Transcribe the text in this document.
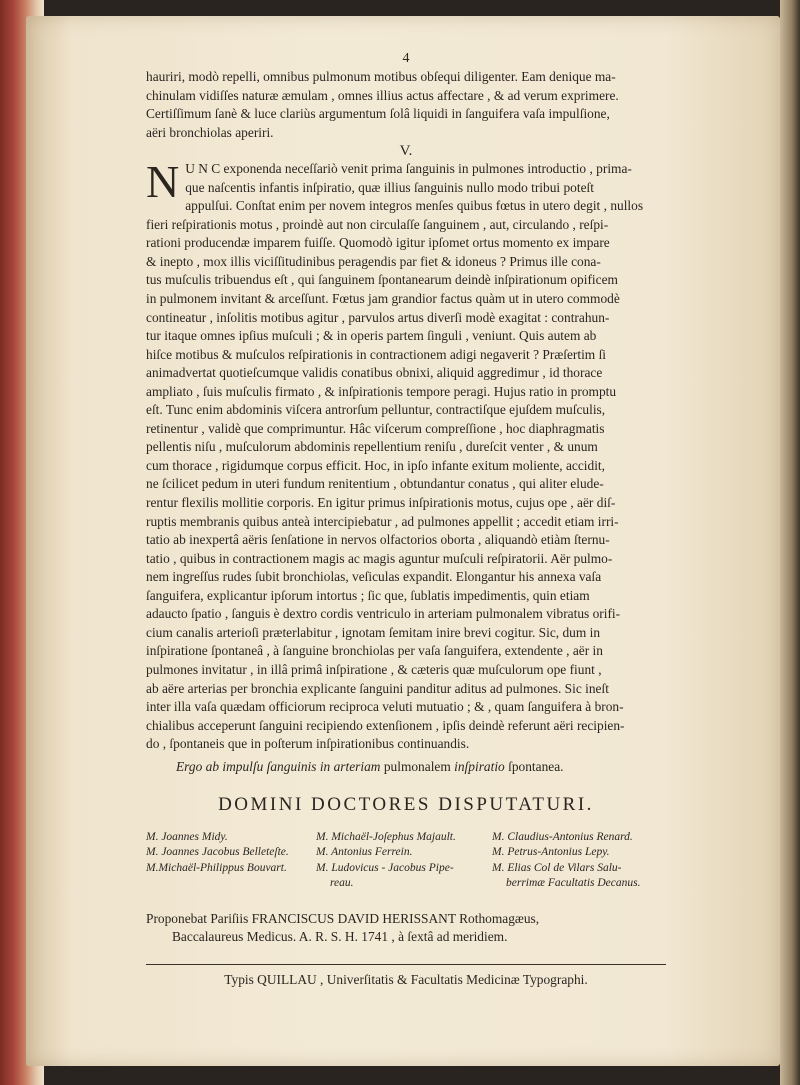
4
hauriri, modò repelli, omnibus pulmonum motibus obſequi diligenter. Eam denique ma-
chinulam vidiſſes naturæ æmulam , omnes illius actus affectare , & ad verum exprimere.
Certiſſimum ſanè & luce clariùs argumentum ſolâ liquidi in ſanguifera vaſa impulſione,
aëri bronchiolas aperiri.
V.
N U N C exponenda neceſſariò venit prima ſanguinis in pulmones introductio , prima-
que naſcentis infantis inſpiratio, quæ illius ſanguinis nullo modo tribui poteſt
appulſui. Conſtat enim per novem integros menſes quibus fœtus in utero degit , nullos
fieri reſpirationis motus , proindè aut non circulaſſe ſanguinem , aut, circulando , reſpi-
rationi producendæ imparem fuiſſe. Quomodò igitur ipſomet ortus momento ex impare
& inepto , mox illis viciſſitudinibus peragendis par fiet & idoneus ? Primus ille cona-
tus muſculis tribuendus eſt , qui ſanguinem ſpontanearum deindè inſpirationum opificem
in pulmonem invitant & arceſſunt. Fœtus jam grandior factus quàm ut in utero commodè
contineatur , inſolitis motibus agitur , parvulos artus diverſi modè exagitat : contrahun-
tur itaque omnes ipſius muſculi ; & in operis partem ſinguli , veniunt. Quis autem ab
hiſce motibus & muſculos reſpirationis in contractionem adigi negaverit ? Præſertim ſi
animadvertat quotieſcumque validis conatibus obnixi, aliquid aggredimur , id thorace
ampliato , ſuis muſculis firmato , & inſpirationis tempore peragi. Hujus ratio in promptu
eſt. Tunc enim abdominis viſcera antrorſum pelluntur, contractiſque ejuſdem muſculis,
retinentur , validè que comprimuntur. Hâc viſcerum compreſſione , hoc diaphragmatis
pellentis niſu , muſculorum abdominis repellentium reniſu , dureſcit venter , & unum
cum thorace , rigidumque corpus efficit. Hoc, in ipſo infante exitum moliente, accidit,
ne ſcilicet pedum in uteri fundum renitentium , obtundantur conatus , qui aliter elude-
rentur flexilis mollitie corporis. En igitur primus inſpirationis motus, cujus ope , aër diſ-
ruptis membranis quibus anteà intercipiebatur , ad pulmones appellit ; accedit etiam irri-
tatio ab inexpertâ aëris ſenſatione in nervos olfactorios oborta , aliquandò etiàm ſternu-
tatio , quibus in contractionem magis ac magis aguntur muſculi reſpiratorii. Aër pulmo-
nem ingreſſus rudes ſubit bronchiolas, veſiculas expandit. Elongantur his annexa vaſa
ſanguifera, explicantur ipſorum intortus ; ſic que, ſublatis impedimentis, quin etiam
adaucto ſpatio , ſanguis è dextro cordis ventriculo in arteriam pulmonalem vibratus orifi-
cium canalis arterioſi præterlabitur , ignotam ſemitam inire brevi cogitur. Sic, dum in
inſpiratione ſpontaneâ , à ſanguine bronchiolas per vaſa ſanguifera, extendente , aër in
pulmones invitatur , in illâ primâ inſpiratione , & cæteris quæ muſculorum ope fiunt ,
ab aëre arterias per bronchia explicante ſanguini panditur aditus ad pulmones. Sic ineſt
inter illa vaſa quædam officiorum reciproca veluti mutuatio ; & , quam ſanguifera à bron-
chialibus acceperunt ſanguini recipiendo extenſionem , ipſis deindè referunt aëri recipien-
do , ſpontaneis que in poſterum inſpirationibus continuandis.
Ergo ab impulſu ſanguinis in arteriam pulmonalem inſpiratio ſpontanea.
DOMINI DOCTORES DISPUTATURI.
M. Joannes Midy.
M. Joannes Jacobus Belleteſte.
M.Michaël-Philippus Bouvart.
M. Michaël-Joſephus Majault.
M. Antonius Ferrein.
M. Ludovicus - Jacobus Pipe-
reau.
M. Claudius-Antonius Renard.
M. Petrus-Antonius Lepy.
M. Elias Col de Vilars Salu-
berrimæ Facultatis Decanus.
Proponebat Pariſiis FRANCISCUS DAVID HERISSANT Rothomagæus,
Baccalaureus Medicus. A. R. S. H. 1741 , à ſextâ ad meridiem.
Typis QUILLAU , Univerſitatis & Facultatis Medicinæ Typographi.
